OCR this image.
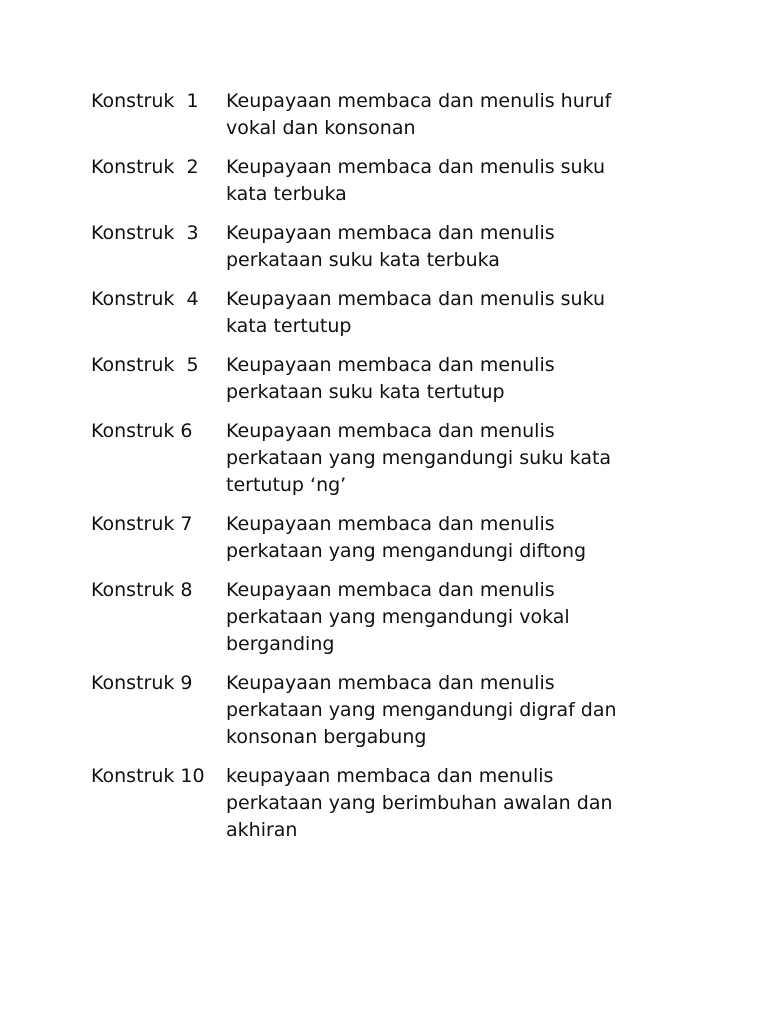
Konstruk  1	Keupayaan membaca dan menulis huruf
vokal dan konsonan
Konstruk  2	Keupayaan membaca dan menulis suku
kata terbuka
Konstruk  3	Keupayaan membaca dan menulis
perkataan suku kata terbuka
Konstruk  4	Keupayaan membaca dan menulis suku
kata tertutup
Konstruk  5	Keupayaan membaca dan menulis
perkataan suku kata tertutup
Konstruk 6	Keupayaan membaca dan menulis
perkataan yang mengandungi suku kata
tertutup ‘ng’
Konstruk 7	Keupayaan membaca dan menulis
perkataan yang mengandungi diftong
Konstruk 8	Keupayaan membaca dan menulis
perkataan yang mengandungi vokal
berganding
Konstruk 9	Keupayaan membaca dan menulis
perkataan yang mengandungi digraf dan
konsonan bergabung
Konstruk 10	keupayaan membaca dan menulis
perkataan yang berimbuhan awalan dan
akhiran
